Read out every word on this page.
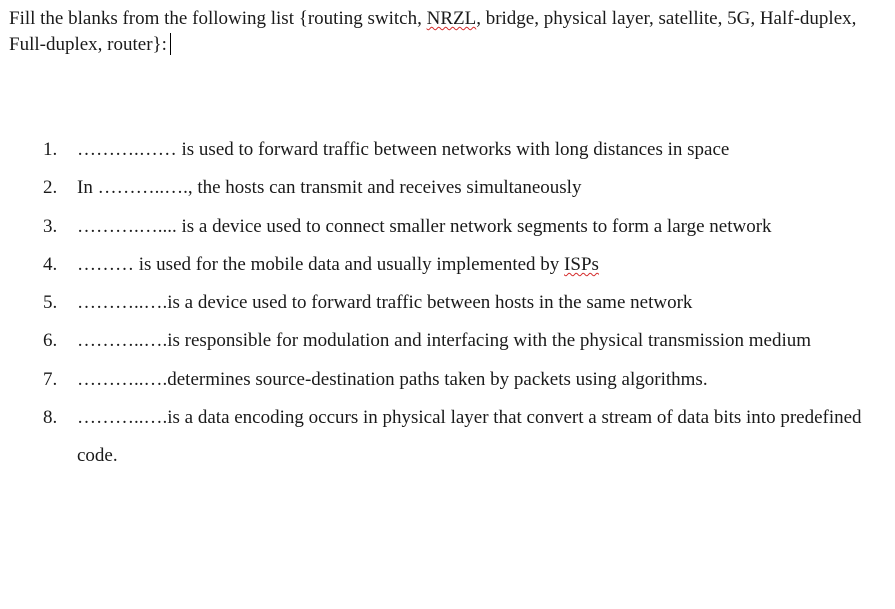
Fill the blanks from the following list {routing switch, NRZL, bridge, physical layer, satellite, 5G, Half-duplex, Full-duplex, router}:

1. ……….…… is used to forward traffic between networks with long distances in space
2. In ………..…., the hosts can transmit and receives simultaneously
3. ……….….... is a device used to connect smaller network segments to form a large network
4. ……… is used for the mobile data and usually implemented by ISPs
5. ………..….is a device used to forward traffic between hosts in the same network
6. ………..….is responsible for modulation and interfacing with the physical transmission medium
7. ………..….determines source-destination paths taken by packets using algorithms.
8. ………..….is a data encoding occurs in physical layer that convert a stream of data bits into predefined code.
